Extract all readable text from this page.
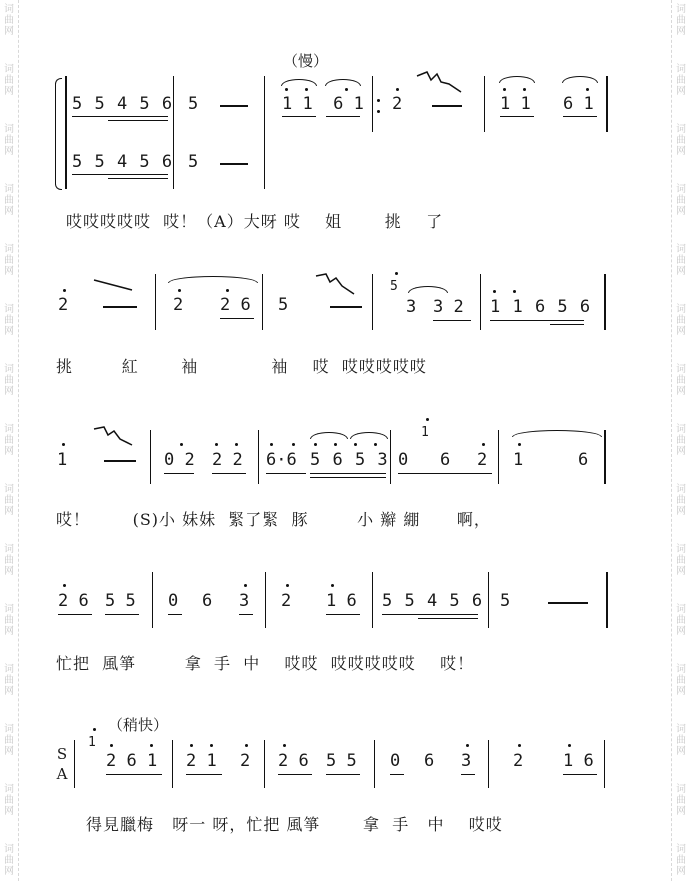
词
曲
网
词
曲
网
词
曲
网
词
曲
网
词
曲
网
词
曲
网
词
曲
网
词
曲
网
词
曲
网
词
曲
网
词
曲
网
词
曲
网
词
曲
网
词
曲
网
词
曲
网
词
曲
网
词
曲
网
词
曲
网
词
曲
网
词
曲
网
词
曲
网
词
曲
网
词
曲
网
词
曲
网
词
曲
网
词
曲
网
词
曲
网
词
曲
网
词
曲
网
词
曲
网
（慢）
5 5 4 5 6 5	1 1  6 1 2	1 1 6 1
5 5 4 5 6 5
哎哎哎哎哎  哎！（A）大呀 哎    姐       挑    了
2	2 2 6 5
5
3 3 2 1 1 6 5 6
挑        紅       袖            袖    哎  哎哎哎哎哎
1	0 2 2 2 6·6 5 6 5 3 0
1
6 2 1	6
哎！       (S)小 妹妹  緊了緊  豚        小 辮 綳      啊，
2 6 5 5 0 6 3 2 1 6 5 5 4 5 6 5
忙把  風箏        拿  手  中    哎哎  哎哎哎哎哎    哎！
（稍快）
S
A
1
2 6 1 2 1 2 2 6 5 5 0 6 3 2 1 6
得見臘梅   呀一 呀，忙把 風箏       拿  手   中    哎哎
